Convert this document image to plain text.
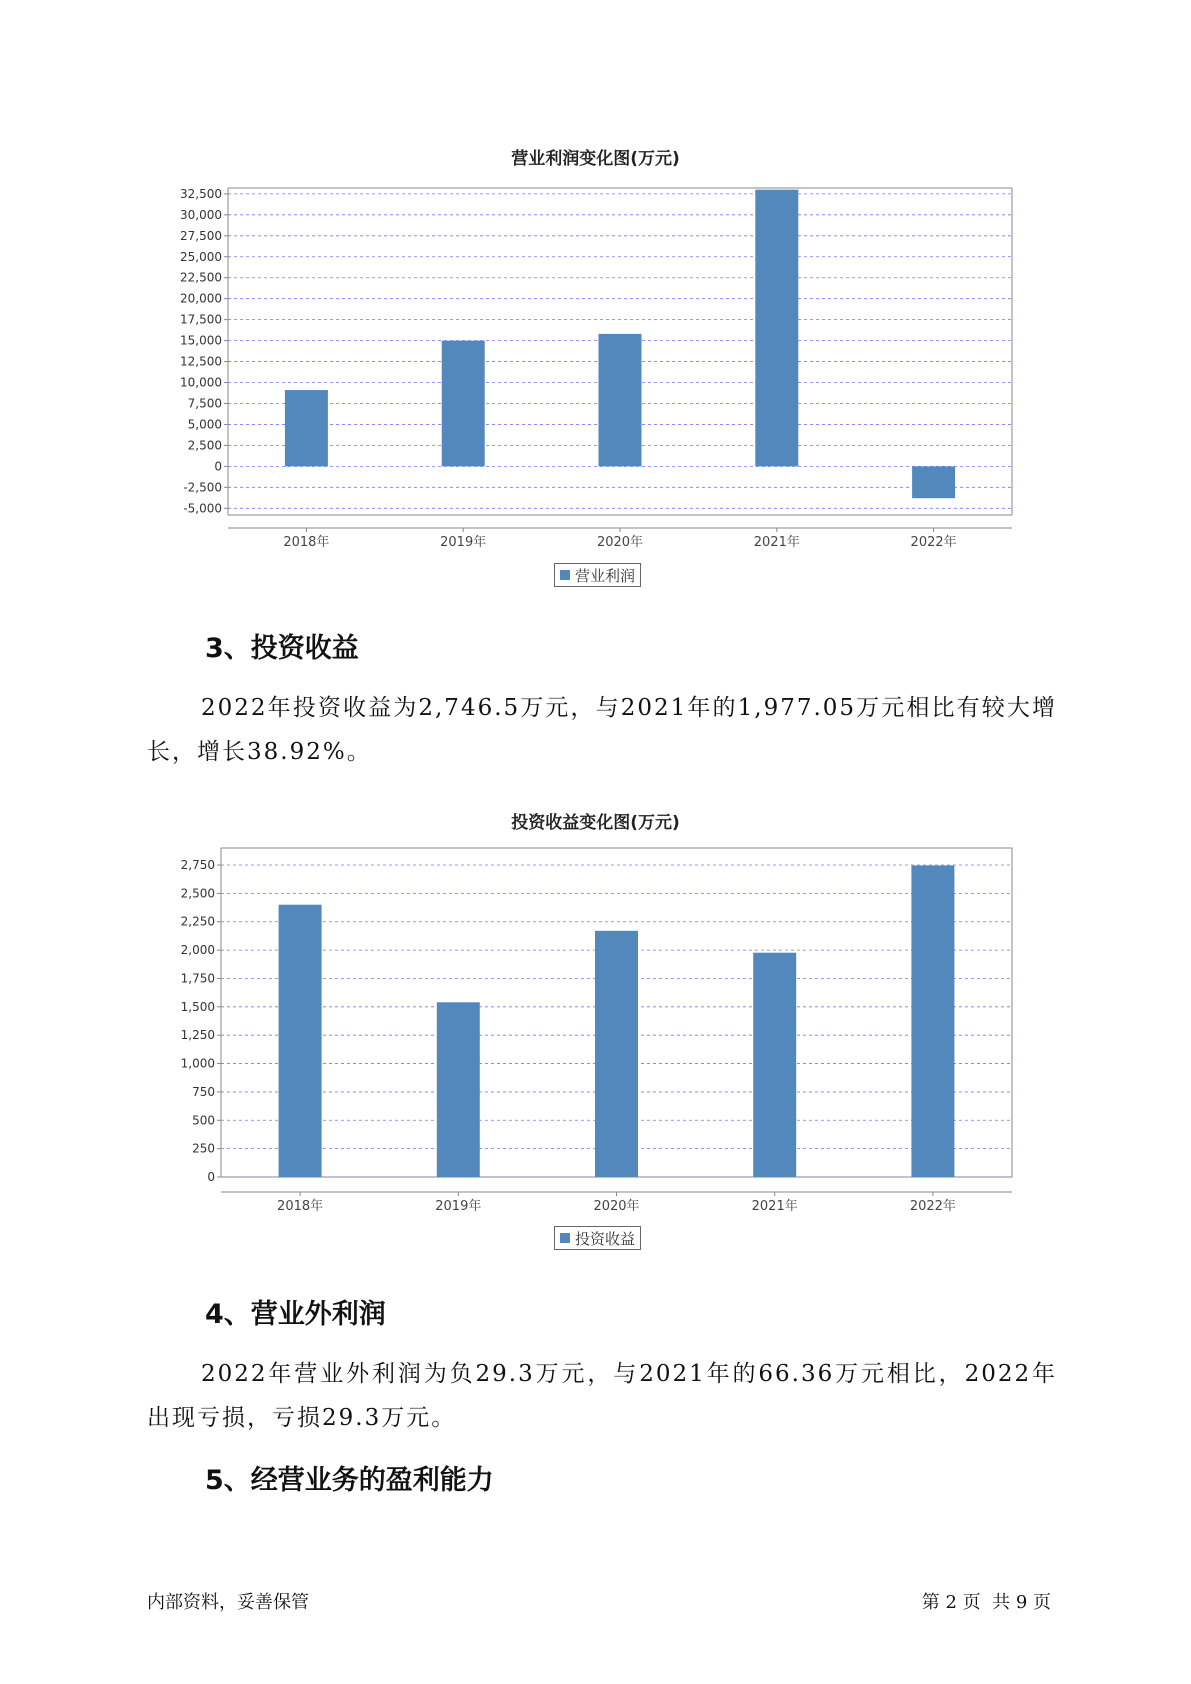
营业利润变化图(万元)
32,500
30,000
27,500
25,000
22,500
20,000
17,500
15,000
12,500
10,000
7,500
5,000
2,500
0
-2,500
-5,000
2018年	2019年	2020年	2021年	2022年
营业利润
3、投资收益
2022年投资收益为2,746.5万元，与2021年的1,977.05万元相比有较大增长，增长38.92%。
投资收益变化图(万元)
2,750
2,500
2,250
2,000
1,750
1,500
1,250
1,000
750
500
250
0
2018年	2019年	2020年	2021年	2022年
投资收益
4、营业外利润
2022年营业外利润为负29.3万元，与2021年的66.36万元相比，2022年出现亏损，亏损29.3万元。
5、经营业务的盈利能力
内部资料，妥善保管	第 2 页  共 9 页
